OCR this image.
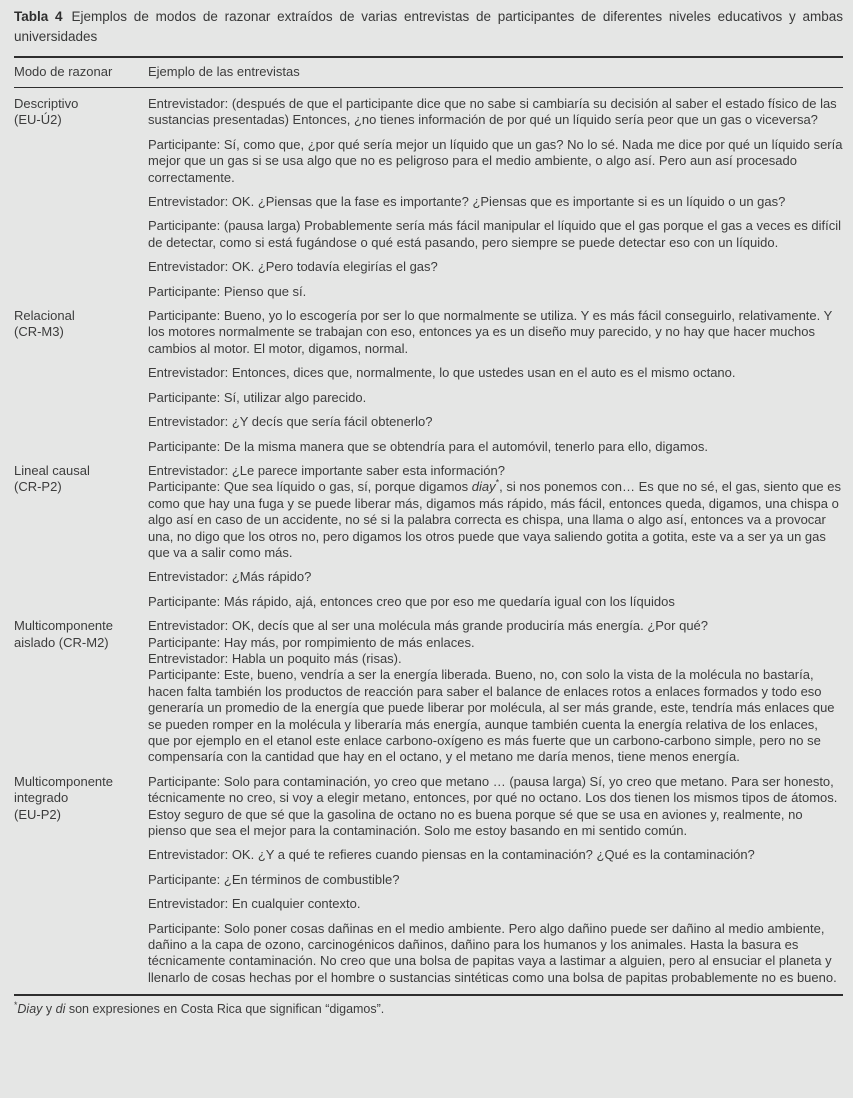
Tabla 4 Ejemplos de modos de razonar extraídos de varias entrevistas de participantes de diferentes niveles educativos y ambas universidades
Modo de razonar	Ejemplo de las entrevistas
Descriptivo
(EU-Ú2)

Entrevistador: (después de que el participante dice que no sabe si cambiaría su decisión al saber el estado físico de las sustancias presentadas) Entonces, ¿no tienes información de por qué un líquido sería peor que un gas o viceversa?

Participante: Sí, como que, ¿por qué sería mejor un líquido que un gas? No lo sé. Nada me dice por qué un líquido sería mejor que un gas si se usa algo que no es peligroso para el medio ambiente, o algo así. Pero aun así procesado correctamente.

Entrevistador: OK. ¿Piensas que la fase es importante? ¿Piensas que es importante si es un líquido o un gas?

Participante: (pausa larga) Probablemente sería más fácil manipular el líquido que el gas porque el gas a veces es difícil de detectar, como si está fugándose o qué está pasando, pero siempre se puede detectar eso con un líquido.

Entrevistador: OK. ¿Pero todavía elegirías el gas?

Participante: Pienso que sí.

Relacional
(CR-M3)

Participante: Bueno, yo lo escogería por ser lo que normalmente se utiliza. Y es más fácil conseguirlo, relativamente. Y los motores normalmente se trabajan con eso, entonces ya es un diseño muy parecido, y no hay que hacer muchos cambios al motor. El motor, digamos, normal.

Entrevistador: Entonces, dices que, normalmente, lo que ustedes usan en el auto es el mismo octano.

Participante: Sí, utilizar algo parecido.

Entrevistador: ¿Y decís que sería fácil obtenerlo?

Participante: De la misma manera que se obtendría para el automóvil, tenerlo para ello, digamos.

Lineal causal
(CR-P2)

Entrevistador: ¿Le parece importante saber esta información?

Participante: Que sea líquido o gas, sí, porque digamos diay*, si nos ponemos con… Es que no sé, el gas, siento que es como que hay una fuga y se puede liberar más, digamos más rápido, más fácil, entonces queda, digamos, una chispa o algo así en caso de un accidente, no sé si la palabra correcta es chispa, una llama o algo así, entonces va a provocar una, no digo que los otros no, pero digamos los otros puede que vaya saliendo gotita a gotita, este va a ser ya un gas que va a salir como más.

Entrevistador: ¿Más rápido?

Participante: Más rápido, ajá, entonces creo que por eso me quedaría igual con los líquidos

Multicomponente
aislado (CR-M2)

Entrevistador: OK, decís que al ser una molécula más grande produciría más energía. ¿Por qué?

Participante: Hay más, por rompimiento de más enlaces.

Entrevistador: Habla un poquito más (risas).

Participante: Este, bueno, vendría a ser la energía liberada. Bueno, no, con solo la vista de la molécula no bastaría, hacen falta también los productos de reacción para saber el balance de enlaces rotos a enlaces formados y todo eso generaría un promedio de la energía que puede liberar por molécula, al ser más grande, este, tendría más enlaces que se pueden romper en la molécula y liberaría más energía, aunque también cuenta la energía relativa de los enlaces, que por ejemplo en el etanol este enlace carbono-oxígeno es más fuerte que un carbono-carbono simple, pero no se compensaría con la cantidad que hay en el octano, y el metano me daría menos, tiene menos energía.

Multicomponente
integrado
(EU-P2)

Participante: Solo para contaminación, yo creo que metano … (pausa larga) Sí, yo creo que metano. Para ser honesto, técnicamente no creo, si voy a elegir metano, entonces, por qué no octano. Los dos tienen los mismos tipos de átomos. Estoy seguro de que sé que la gasolina de octano no es buena porque sé que se usa en aviones y, realmente, no pienso que sea el mejor para la contaminación. Solo me estoy basando en mi sentido común.

Entrevistador: OK. ¿Y a qué te refieres cuando piensas en la contaminación? ¿Qué es la contaminación?

Participante: ¿En términos de combustible?

Entrevistador: En cualquier contexto.

Participante: Solo poner cosas dañinas en el medio ambiente. Pero algo dañino puede ser dañino al medio ambiente, dañino a la capa de ozono, carcinogénicos dañinos, dañino para los humanos y los animales. Hasta la basura es técnicamente contaminación. No creo que una bolsa de papitas vaya a lastimar a alguien, pero al ensuciar el planeta y llenarlo de cosas hechas por el hombre o sustancias sintéticas como una bolsa de papitas probablemente no es bueno.

*Diay y di son expresiones en Costa Rica que significan “digamos”.
